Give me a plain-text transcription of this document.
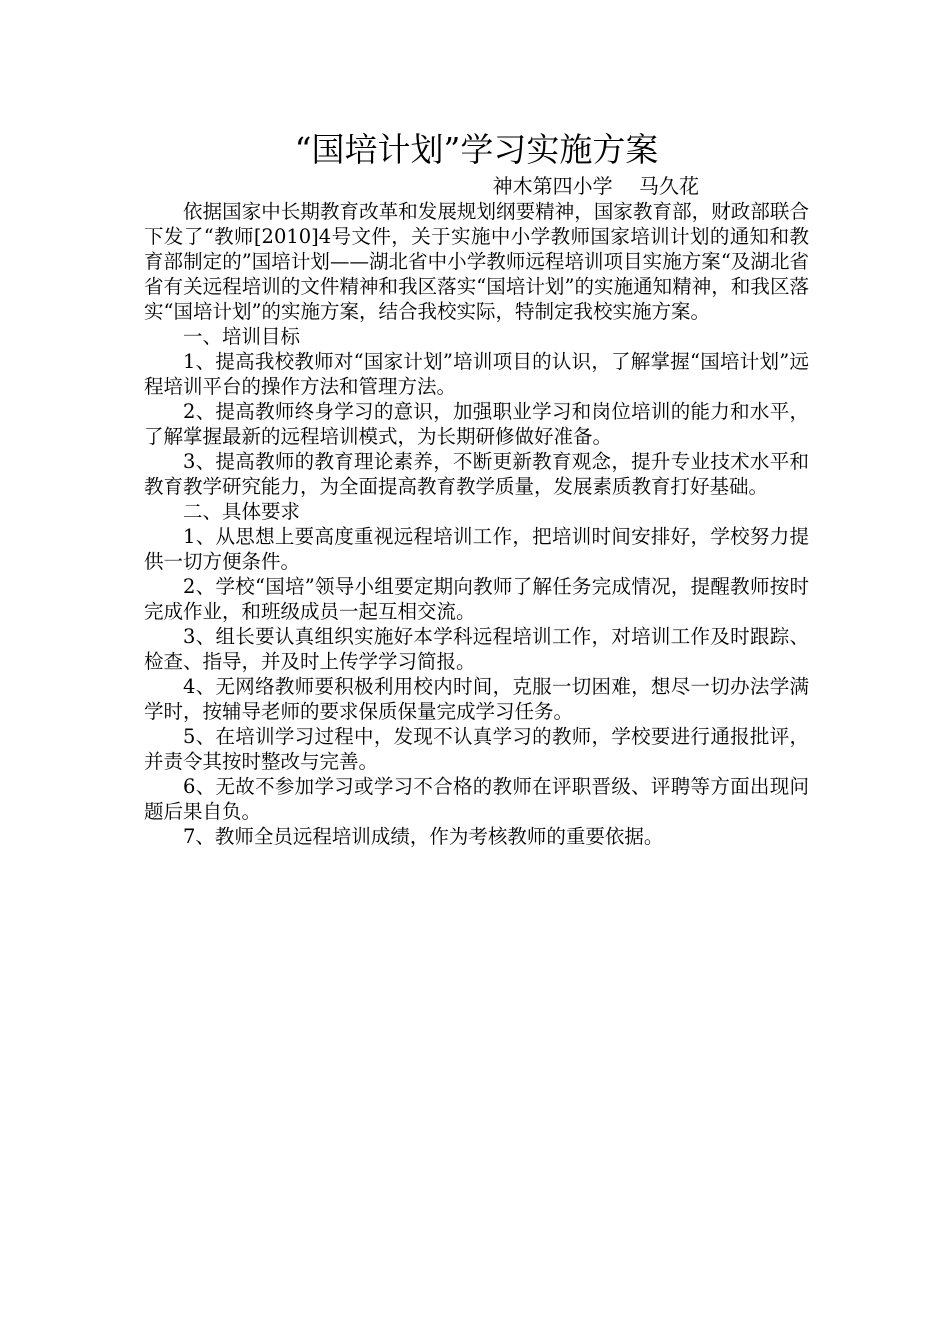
“国培计划”学习实施方案

神木第四小学　 马久花

依据国家中长期教育改革和发展规划纲要精神，国家教育部，财政部联合下发了“教师[2010]4号文件，关于实施中小学教师国家培训计划的通知和教育部制定的”国培计划——湖北省中小学教师远程培训项目实施方案“及湖北省省有关远程培训的文件精神和我区落实“国培计划”的实施通知精神，和我区落实“国培计划”的实施方案，结合我校实际，特制定我校实施方案。

一、培训目标

1、提高我校教师对“国家计划”培训项目的认识，了解掌握“国培计划”远程培训平台的操作方法和管理方法。

2、提高教师终身学习的意识，加强职业学习和岗位培训的能力和水平，了解掌握最新的远程培训模式，为长期研修做好准备。

3、提高教师的教育理论素养，不断更新教育观念，提升专业技术水平和教育教学研究能力，为全面提高教育教学质量，发展素质教育打好基础。

二、具体要求

1、从思想上要高度重视远程培训工作，把培训时间安排好，学校努力提供一切方便条件。

2、学校“国培”领导小组要定期向教师了解任务完成情况，提醒教师按时完成作业，和班级成员一起互相交流。

3、组长要认真组织实施好本学科远程培训工作，对培训工作及时跟踪、检查、指导，并及时上传学学习简报。

4、无网络教师要积极利用校内时间，克服一切困难，想尽一切办法学满学时，按辅导老师的要求保质保量完成学习任务。

5、在培训学习过程中，发现不认真学习的教师，学校要进行通报批评，并责令其按时整改与完善。

6、无故不参加学习或学习不合格的教师在评职晋级、评聘等方面出现问题后果自负。

7、教师全员远程培训成绩，作为考核教师的重要依据。
